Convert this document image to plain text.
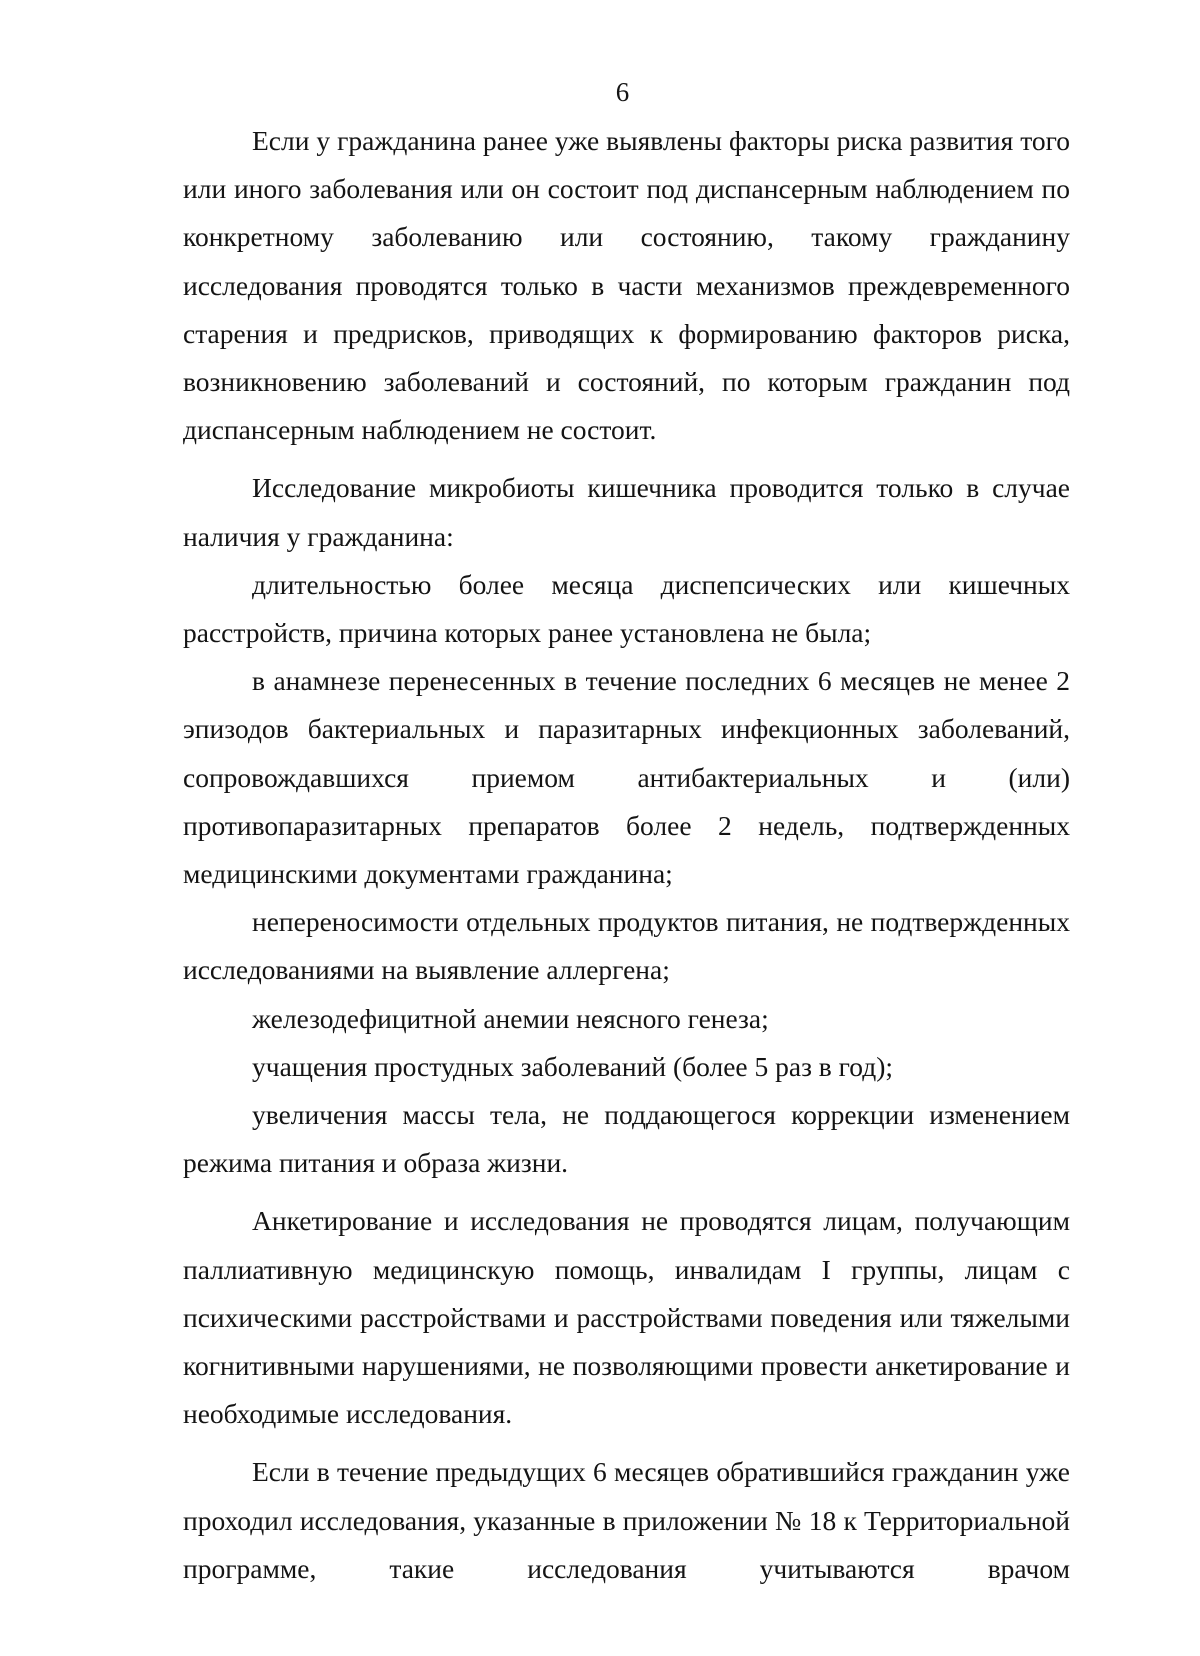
6

Если у гражданина ранее уже выявлены факторы риска развития того или иного заболевания или он состоит под диспансерным наблюдением по конкретному заболеванию или состоянию, такому гражданину исследования проводятся только в части механизмов преждевременного старения и предрисков, приводящих к формированию факторов риска, возникновению заболеваний и состояний, по которым гражданин под диспансерным наблюдением не состоит.

Исследование микробиоты кишечника проводится только в случае наличия у гражданина:

длительностью более месяца диспепсических или кишечных расстройств, причина которых ранее установлена не была;

в анамнезе перенесенных в течение последних 6 месяцев не менее 2 эпизодов бактериальных и паразитарных инфекционных заболеваний, сопровождавшихся приемом антибактериальных и (или) противопаразитарных препаратов более 2 недель, подтвержденных медицинскими документами гражданина;

непереносимости отдельных продуктов питания, не подтвержденных исследованиями на выявление аллергена;

железодефицитной анемии неясного генеза;

учащения простудных заболеваний (более 5 раз в год);

увеличения массы тела, не поддающегося коррекции изменением режима питания и образа жизни.

Анкетирование и исследования не проводятся лицам, получающим паллиативную медицинскую помощь, инвалидам I группы, лицам с психическими расстройствами и расстройствами поведения или тяжелыми когнитивными нарушениями, не позволяющими провести анкетирование и необходимые исследования.

Если в течение предыдущих 6 месяцев обратившийся гражданин уже проходил исследования, указанные в приложении № 18 к Территориальной программе, такие исследования учитываются врачом
